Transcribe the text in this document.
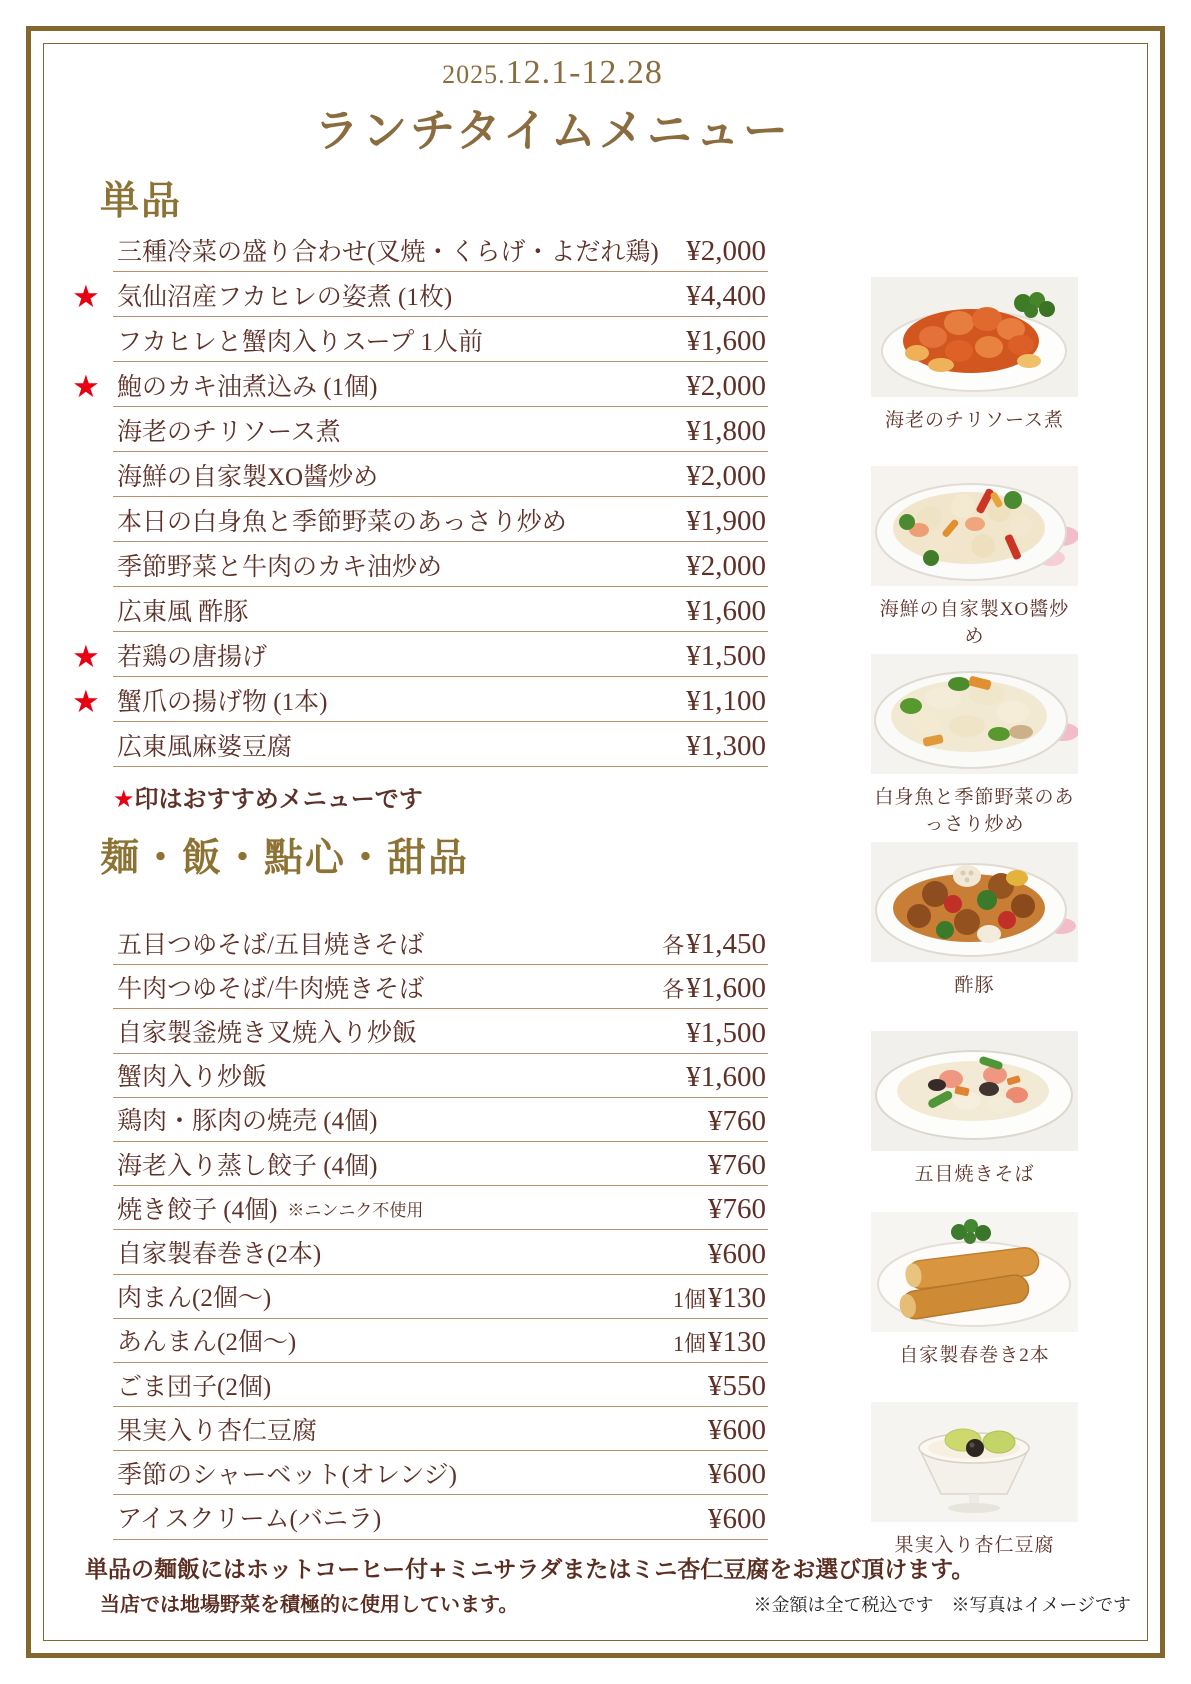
2025.12.1-12.28
ランチタイムメニュー
単品
三種冷菜の盛り合わせ(叉焼・くらげ・よだれ鶏) ¥2,000
★ 気仙沼産フカヒレの姿煮 (1枚)	¥4,400
フカヒレと蟹肉入りスープ 1人前	¥1,600
★ 鮑のカキ油煮込み (1個)	¥2,000
海老のチリソース煮	¥1,800
海鮮の自家製XO醬炒め	¥2,000
本日の白身魚と季節野菜のあっさり炒め	¥1,900
季節野菜と牛肉のカキ油炒め	¥2,000
広東風 酢豚	¥1,600
★ 若鶏の唐揚げ	¥1,500
★ 蟹爪の揚げ物 (1本)	¥1,100
広東風麻婆豆腐	¥1,300
★印はおすすめメニューです
麺・飯・點心・甜品
五目つゆそば/五目焼きそば	各¥1,450
牛肉つゆそば/牛肉焼きそば	各¥1,600
自家製釜焼き叉焼入り炒飯	¥1,500
蟹肉入り炒飯	¥1,600
鶏肉・豚肉の焼売 (4個)	¥760
海老入り蒸し餃子 (4個)	¥760
焼き餃子 (4個) ※ニンニク不使用	¥760
自家製春巻き(2本)	¥600
肉まん(2個〜)	1個¥130
あんまん(2個〜)	1個¥130
ごま団子(2個)	¥550
果実入り杏仁豆腐	¥600
季節のシャーベット(オレンジ)	¥600
アイスクリーム(バニラ)	¥600
単品の麺飯にはホットコーヒー付+ミニサラダまたはミニ杏仁豆腐をお選び頂けます。
海老のチリソース煮
海鮮の自家製XO醬炒め
白身魚と季節野菜のあっさり炒め
酢豚
五目焼きそば
自家製春巻き2本
果実入り杏仁豆腐
当店では地場野菜を積極的に使用しています。	※金額は全て税込です　※写真はイメージです
